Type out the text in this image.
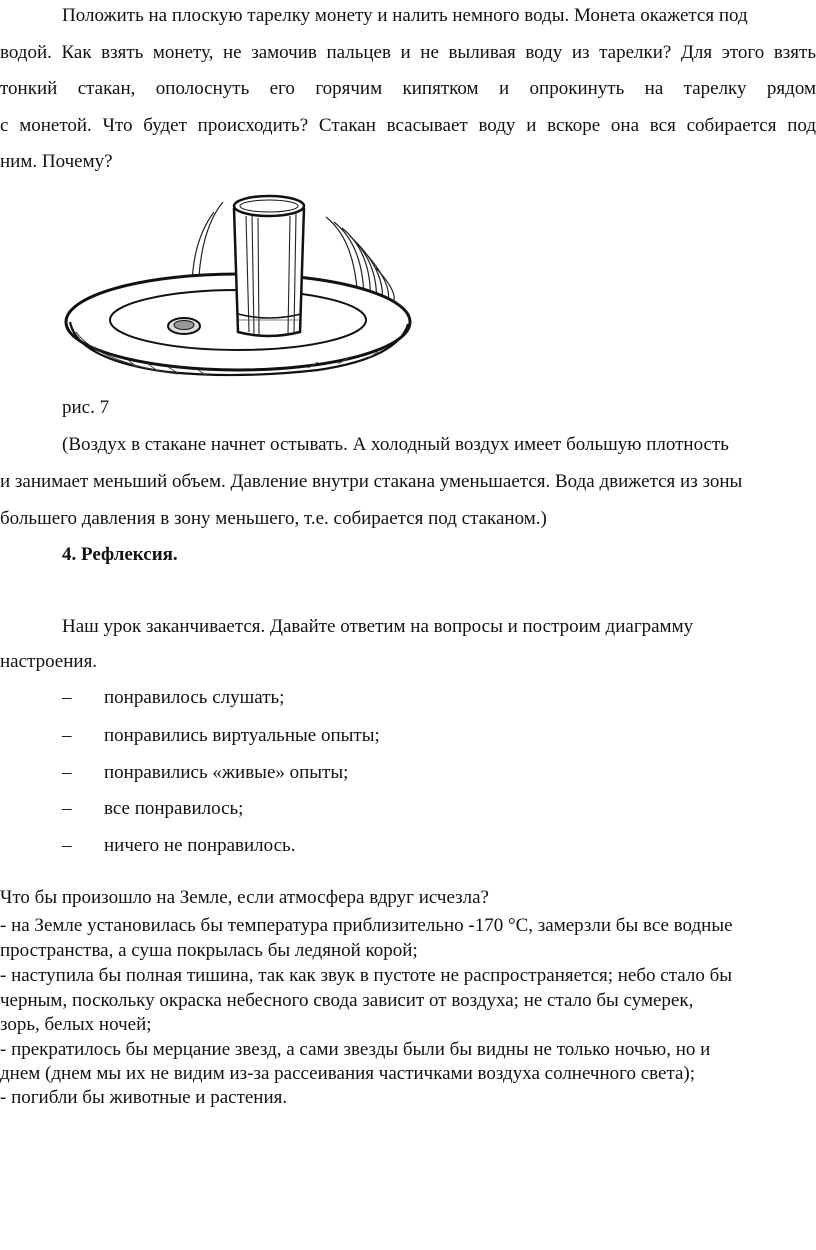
Положить на плоскую тарелку монету и налить немного воды. Монета окажется под
водой. Как взять монету, не замочив пальцев и не выливая воду из тарелки? Для этого взять
тонкий стакан, ополоснуть его горячим кипятком и опрокинуть на тарелку рядом
с монетой. Что будет происходить? Стакан всасывает воду и вскоре она вся собирается под
ним. Почему?
рис. 7
(Воздух в стакане начнет остывать. А холодный воздух имеет большую плотность
и занимает меньший объем. Давление внутри стакана уменьшается. Вода движется из зоны
большего давления в зону меньшего, т.е. собирается под стаканом.)
4. Рефлексия.
Наш урок заканчивается. Давайте ответим на вопросы и построим диаграмму
настроения.
–	понравилось слушать;
–	понравились виртуальные опыты;
–	понравились «живые» опыты;
–	все понравилось;
–	ничего не понравилось.
Что бы произошло на Земле, если атмосфера вдруг исчезла?
- на Земле установилась бы температура приблизительно -170 °С, замерзли бы все водные
пространства, а суша покрылась бы ледяной корой;
- наступила бы полная тишина, так как звук в пустоте не распространяется; небо стало бы
черным, поскольку окраска небесного свода зависит от воздуха; не стало бы сумерек,
зорь, белых ночей;
- прекратилось бы мерцание звезд, а сами звезды были бы видны не только ночью, но и
днем (днем мы их не видим из-за рассеивания частичками воздуха солнечного света);
- погибли бы животные и растения.
